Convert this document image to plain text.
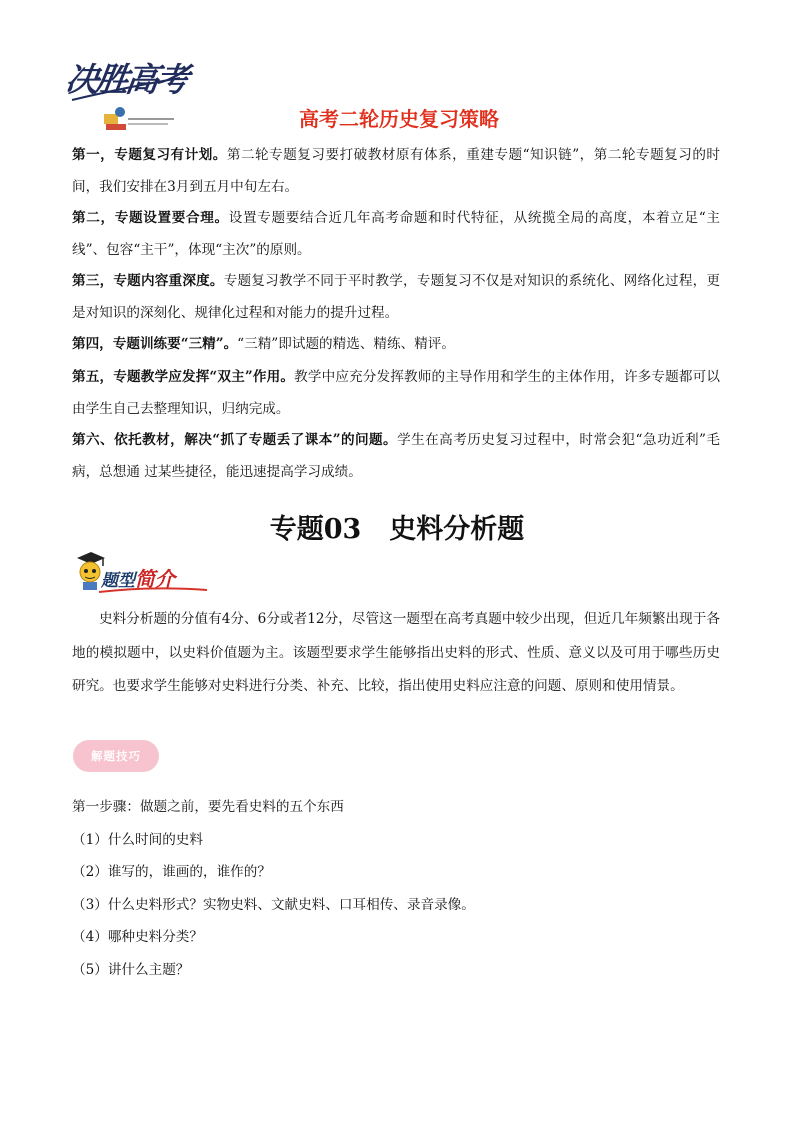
决胜高考
高考二轮历史复习策略
第一，专题复习有计划。第二轮专题复习要打破教材原有体系，重建专题“知识链”，第二轮专题复习的时间，我们安排在3月到五月中旬左右。
第二，专题设置要合理。设置专题要结合近几年高考命题和时代特征，从统揽全局的高度，本着立足“主线”、包容“主干”，体现“主次”的原则。
第三，专题内容重深度。专题复习教学不同于平时教学，专题复习不仅是对知识的系统化、网络化过程，更是对知识的深刻化、规律化过程和对能力的提升过程。
第四，专题训练要“三精”。“三精”即试题的精选、精练、精评。
第五，专题教学应发挥“双主”作用。教学中应充分发挥教师的主导作用和学生的主体作用，许多专题都可以由学生自己去整理知识，归纳完成。
第六、依托教材，解决“抓了专题丢了课本”的问题。学生在高考历史复习过程中，时常会犯“急功近利”毛病，总想通 过某些捷径，能迅速提高学习成绩。
专题03 史料分析题
题型简介
史料分析题的分值有4分、6分或者12分，尽管这一题型在高考真题中较少出现，但近几年频繁出现于各地的模拟题中，以史料价值题为主。该题型要求学生能够指出史料的形式、性质、意义以及可用于哪些历史研究。也要求学生能够对史料进行分类、补充、比较，指出使用史料应注意的问题、原则和使用情景。
解题技巧
第一步骤：做题之前，要先看史料的五个东西
（1）什么时间的史料
（2）谁写的，谁画的，谁作的？
（3）什么史料形式？实物史料、文献史料、口耳相传、录音录像。
（4）哪种史料分类？
（5）讲什么主题？
